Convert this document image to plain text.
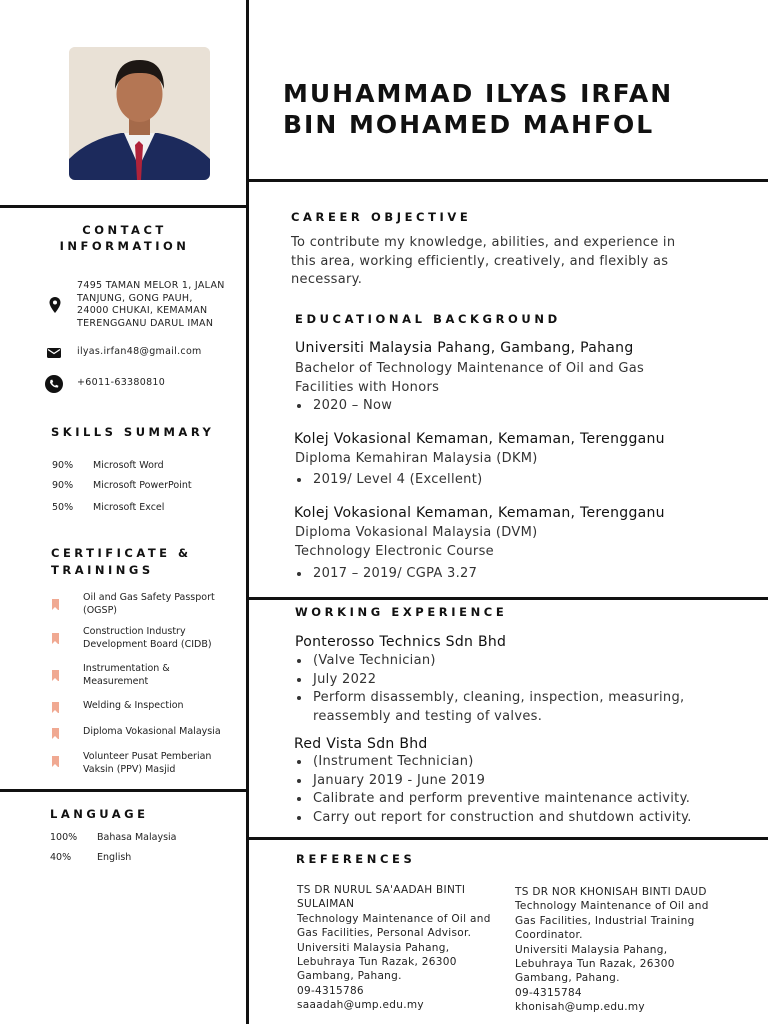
MUHAMMAD ILYAS IRFAN
BIN MOHAMED MAHFOL
CONTACT
INFORMATION
7495 TAMAN MELOR 1, JALAN
TANJUNG, GONG PAUH,
24000 CHUKAI, KEMAMAN
TERENGGANU DARUL IMAN
ilyas.irfan48@gmail.com
+6011-63380810
SKILLS SUMMARY
90% Microsoft Word
90% Microsoft PowerPoint
50% Microsoft Excel
CERTIFICATE &
TRAININGS
Oil and Gas Safety Passport (OGSP)
Construction Industry Development Board (CIDB)
Instrumentation & Measurement
Welding & Inspection
Diploma Vokasional Malaysia
Volunteer Pusat Pemberian Vaksin (PPV) Masjid
LANGUAGE
100% Bahasa Malaysia
40%	English
CAREER OBJECTIVE
To contribute my knowledge, abilities, and experience in this area, working efficiently, creatively, and flexibly as necessary.
EDUCATIONAL BACKGROUND
Universiti Malaysia Pahang, Gambang, Pahang
Bachelor of Technology Maintenance of Oil and Gas Facilities with Honors
2020 – Now
Kolej Vokasional Kemaman, Kemaman, Terengganu
Diploma Kemahiran Malaysia (DKM)
2019/ Level 4 (Excellent)
Kolej Vokasional Kemaman, Kemaman, Terengganu
Diploma Vokasional Malaysia (DVM)
Technology Electronic Course
2017 – 2019/ CGPA 3.27
WORKING EXPERIENCE
Ponterosso Technics Sdn Bhd
(Valve Technician)
July 2022
Perform disassembly, cleaning, inspection, measuring, reassembly and testing of valves.
Red Vista Sdn Bhd
(Instrument Technician)
January 2019 - June 2019
Calibrate and perform preventive maintenance activity.
Carry out report for construction and shutdown activity.
REFERENCES
TS DR NURUL SA'AADAH BINTI SULAIMAN
Technology Maintenance of Oil and Gas Facilities, Personal Advisor.
Universiti Malaysia Pahang, Lebuhraya Tun Razak, 26300 Gambang, Pahang.
09-4315786
saaadah@ump.edu.my
TS DR NOR KHONISAH BINTI DAUD
Technology Maintenance of Oil and Gas Facilities, Industrial Training Coordinator.
Universiti Malaysia Pahang, Lebuhraya Tun Razak, 26300 Gambang, Pahang.
09-4315784
khonisah@ump.edu.my
